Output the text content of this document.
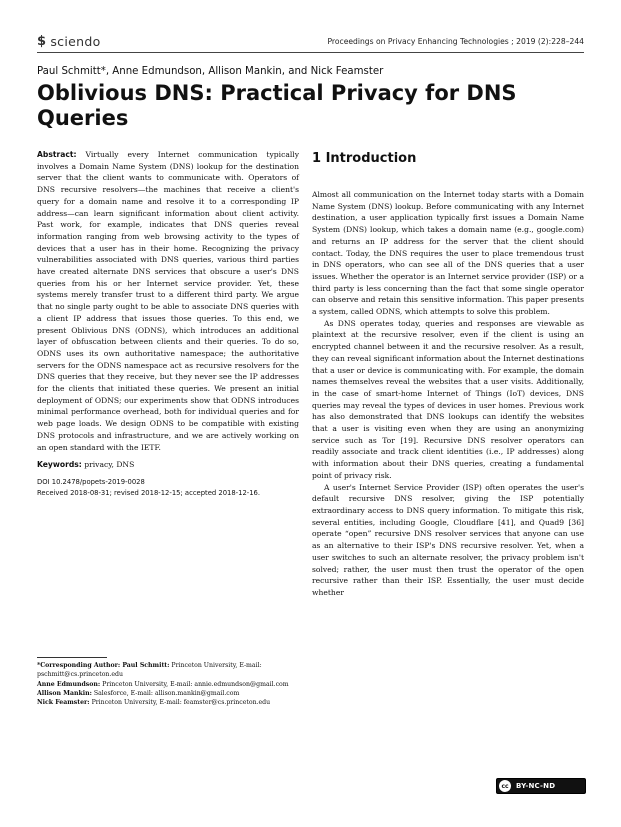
$ sciendo	Proceedings on Privacy Enhancing Technologies ; 2019 (2):228–244
Paul Schmitt*, Anne Edmundson, Allison Mankin, and Nick Feamster
Oblivious DNS: Practical Privacy for DNS Queries

Abstract: Virtually every Internet communication typically involves a Domain Name System (DNS) lookup for the destination server that the client wants to communicate with. Operators of DNS recursive resolvers—the machines that receive a client's query for a domain name and resolve it to a corresponding IP address—can learn significant information about client activity. Past work, for example, indicates that DNS queries reveal information ranging from web browsing activity to the types of devices that a user has in their home. Recognizing the privacy vulnerabilities associated with DNS queries, various third parties have created alternate DNS services that obscure a user's DNS queries from his or her Internet service provider. Yet, these systems merely transfer trust to a different third party. We argue that no single party ought to be able to associate DNS queries with a client IP address that issues those queries. To this end, we present Oblivious DNS (ODNS), which introduces an additional layer of obfuscation between clients and their queries. To do so, ODNS uses its own authoritative namespace; the authoritative servers for the ODNS namespace act as recursive resolvers for the DNS queries that they receive, but they never see the IP addresses for the clients that initiated these queries. We present an initial deployment of ODNS; our experiments show that ODNS introduces minimal performance overhead, both for individual queries and for web page loads. We design ODNS to be compatible with existing DNS protocols and infrastructure, and we are actively working on an open standard with the IETF.

Keywords: privacy, DNS

DOI 10.2478/popets-2019-0028

Received 2018-08-31; revised 2018-12-15; accepted 2018-12-16.

*Corresponding Author: Paul Schmitt: Princeton University, E-mail: pschmitt@cs.princeton.edu

Anne Edmundson: Princeton University, E-mail: annie.edmundson@gmail.com

Allison Mankin: Salesforce, E-mail: allison.mankin@gmail.com

Nick Feamster: Princeton University, E-mail: feamster@cs.princeton.edu

1 Introduction

Almost all communication on the Internet today starts with a Domain Name System (DNS) lookup. Before communicating with any Internet destination, a user application typically first issues a Domain Name System (DNS) lookup, which takes a domain name (e.g., google.com) and returns an IP address for the server that the client should contact. Today, the DNS requires the user to place tremendous trust in DNS operators, who can see all of the DNS queries that a user issues. Whether the operator is an Internet service provider (ISP) or a third party is less concerning than the fact that some single operator can observe and retain this sensitive information. This paper presents a system, called ODNS, which attempts to solve this problem.

As DNS operates today, queries and responses are viewable as plaintext at the recursive resolver, even if the client is using an encrypted channel between it and the recursive resolver. As a result, they can reveal significant information about the Internet destinations that a user or device is communicating with. For example, the domain names themselves reveal the websites that a user visits. Additionally, in the case of smart-home Internet of Things (IoT) devices, DNS queries may reveal the types of devices in user homes. Previous work has also demonstrated that DNS lookups can identify the websites that a user is visiting even when they are using an anonymizing service such as Tor [19]. Recursive DNS resolver operators can readily associate and track client identities (i.e., IP addresses) along with information about their DNS queries, creating a fundamental point of privacy risk.

A user's Internet Service Provider (ISP) often operates the user's default recursive DNS resolver, giving the ISP potentially extraordinary access to DNS query information. To mitigate this risk, several entities, including Google, Cloudflare [41], and Quad9 [36] operate “open” recursive DNS resolver services that anyone can use as an alternative to their ISP's DNS recursive resolver. Yet, when a user switches to such an alternate resolver, the privacy problem isn't solved; rather, the user must then trust the operator of the open recursive rather than their ISP. Essentially, the user must decide whether

cc	BY-NC-ND
